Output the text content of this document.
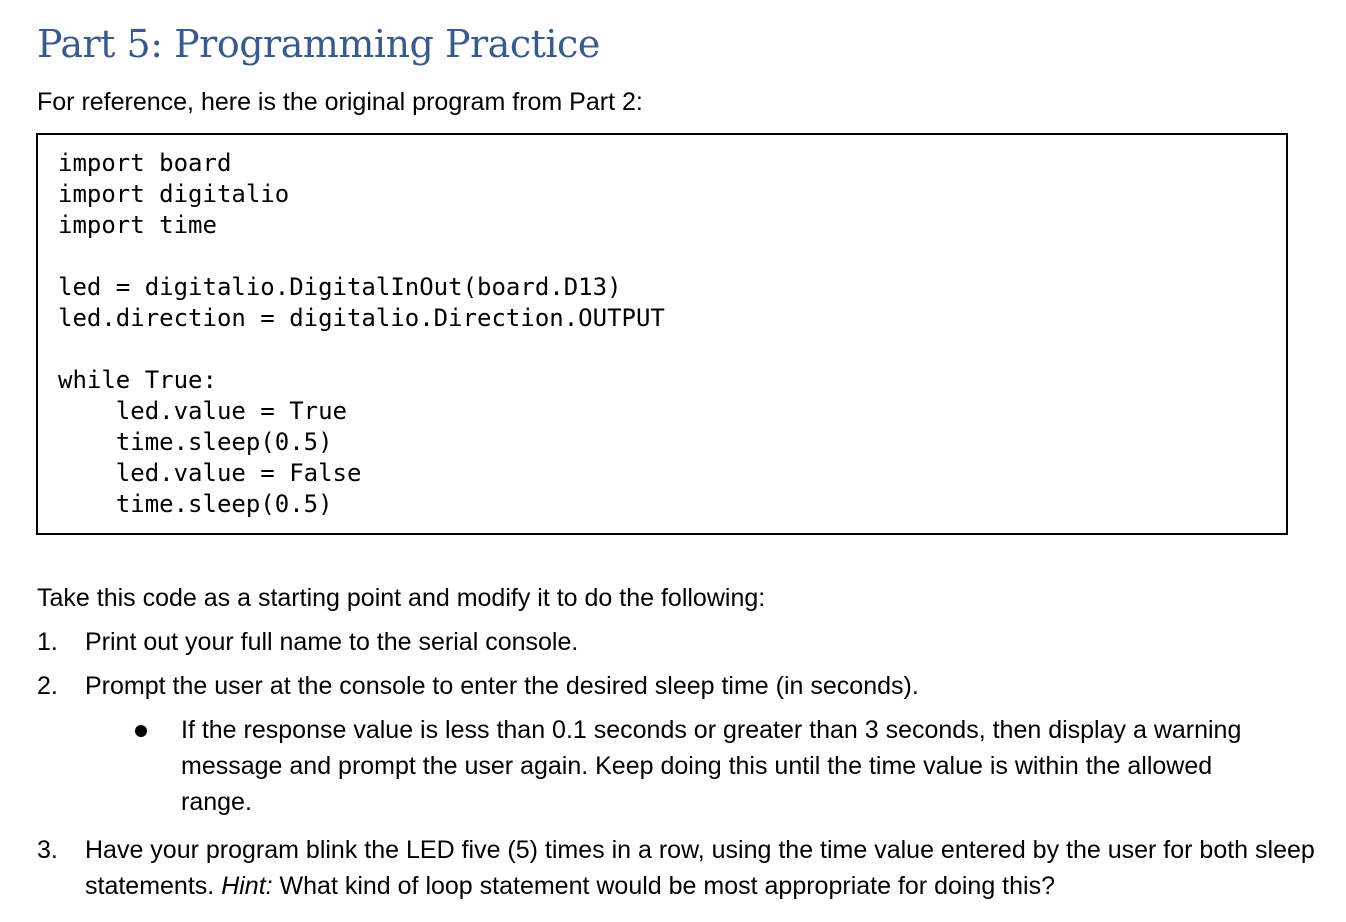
Part 5: Programming Practice

For reference, here is the original program from Part 2:

import board
import digitalio
import time
led = digitalio.DigitalInOut(board.D13)
led.direction = digitalio.Direction.OUTPUT
while True:
led.value = True
time.sleep(0.5)
led.value = False
time.sleep(0.5)

Take this code as a starting point and modify it to do the following:

1. Print out your full name to the serial console.
2. Prompt the user at the console to enter the desired sleep time (in seconds).
If the response value is less than 0.1 seconds or greater than 3 seconds, then display a warning message and prompt the user again. Keep doing this until the time value is within the allowed range.
3. Have your program blink the LED five (5) times in a row, using the time value entered by the user for both sleep statements. Hint: What kind of loop statement would be most appropriate for doing this?
